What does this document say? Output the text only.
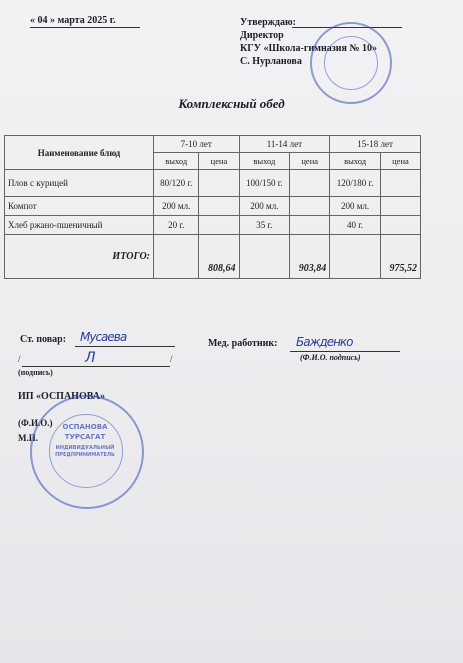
« 04 » марта 2025 г.	Утверждаю:
Директор
КГУ «Школа-гимназия № 10»
С. Нурланова
Комплексный обед
Наименование блюд	7-10 лет		11-14 лет		15-18 лет	
	выход	цена	выход	цена	выход	цена
Плов с курицей	80/120 г.		100/150 г.		120/180 г.	
Компот	200 мл.		200 мл.		200 мл.	
Хлеб ржано-пшеничный	20 г.		35 г.		40 г.	
ИТОГО:		808,64		903,84		975,52
Ст. повар: Мусаева	Мед. работник: Бажденко
(Ф.И.О. подпись)
/	/
Л
(подпись)
ИП «ОСПАНОВА»
(Ф.И.О.)
М.П.
ОСПАНОВА
ТУРСАГАТ
ИНДИВИДУАЛЬНЫЙ
ПРЕДПРИНИМАТЕЛЬ
